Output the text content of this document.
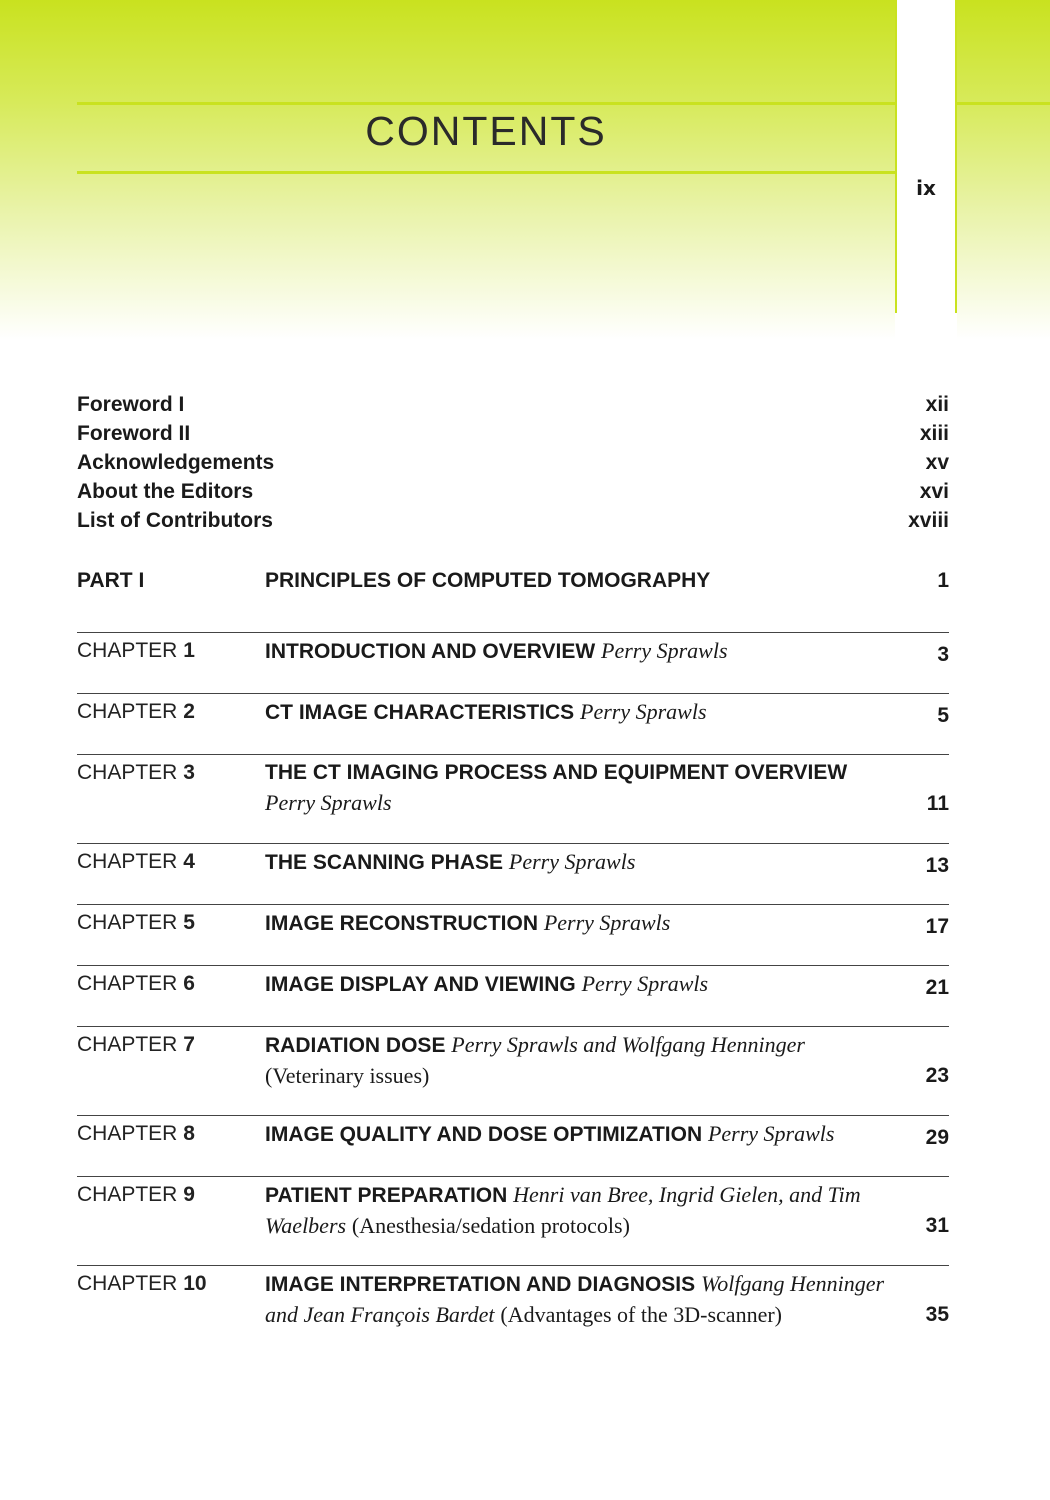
CONTENTS
ix
Foreword I	xii
Foreword II	xiii
Acknowledgements	xv
About the Editors	xvi
List of Contributors	xviii
PART I	PRINCIPLES OF COMPUTED TOMOGRAPHY	1
CHAPTER 1	INTRODUCTION AND OVERVIEW Perry Sprawls	3
CHAPTER 2	CT IMAGE CHARACTERISTICS Perry Sprawls	5
CHAPTER 3	THE CT IMAGING PROCESS AND EQUIPMENT OVERVIEW
Perry Sprawls	11
CHAPTER 4	THE SCANNING PHASE Perry Sprawls	13
CHAPTER 5	IMAGE RECONSTRUCTION Perry Sprawls	17
CHAPTER 6	IMAGE DISPLAY AND VIEWING Perry Sprawls	21
CHAPTER 7	RADIATION DOSE Perry Sprawls and Wolfgang Henninger
(Veterinary issues)	23
CHAPTER 8	IMAGE QUALITY AND DOSE OPTIMIZATION Perry Sprawls	29
CHAPTER 9	PATIENT PREPARATION Henri van Bree, Ingrid Gielen, and Tim Waelbers (Anesthesia/sedation protocols)	31
CHAPTER 10	IMAGE INTERPRETATION AND DIAGNOSIS Wolfgang Henninger and Jean François Bardet (Advantages of the 3D-scanner)	35
